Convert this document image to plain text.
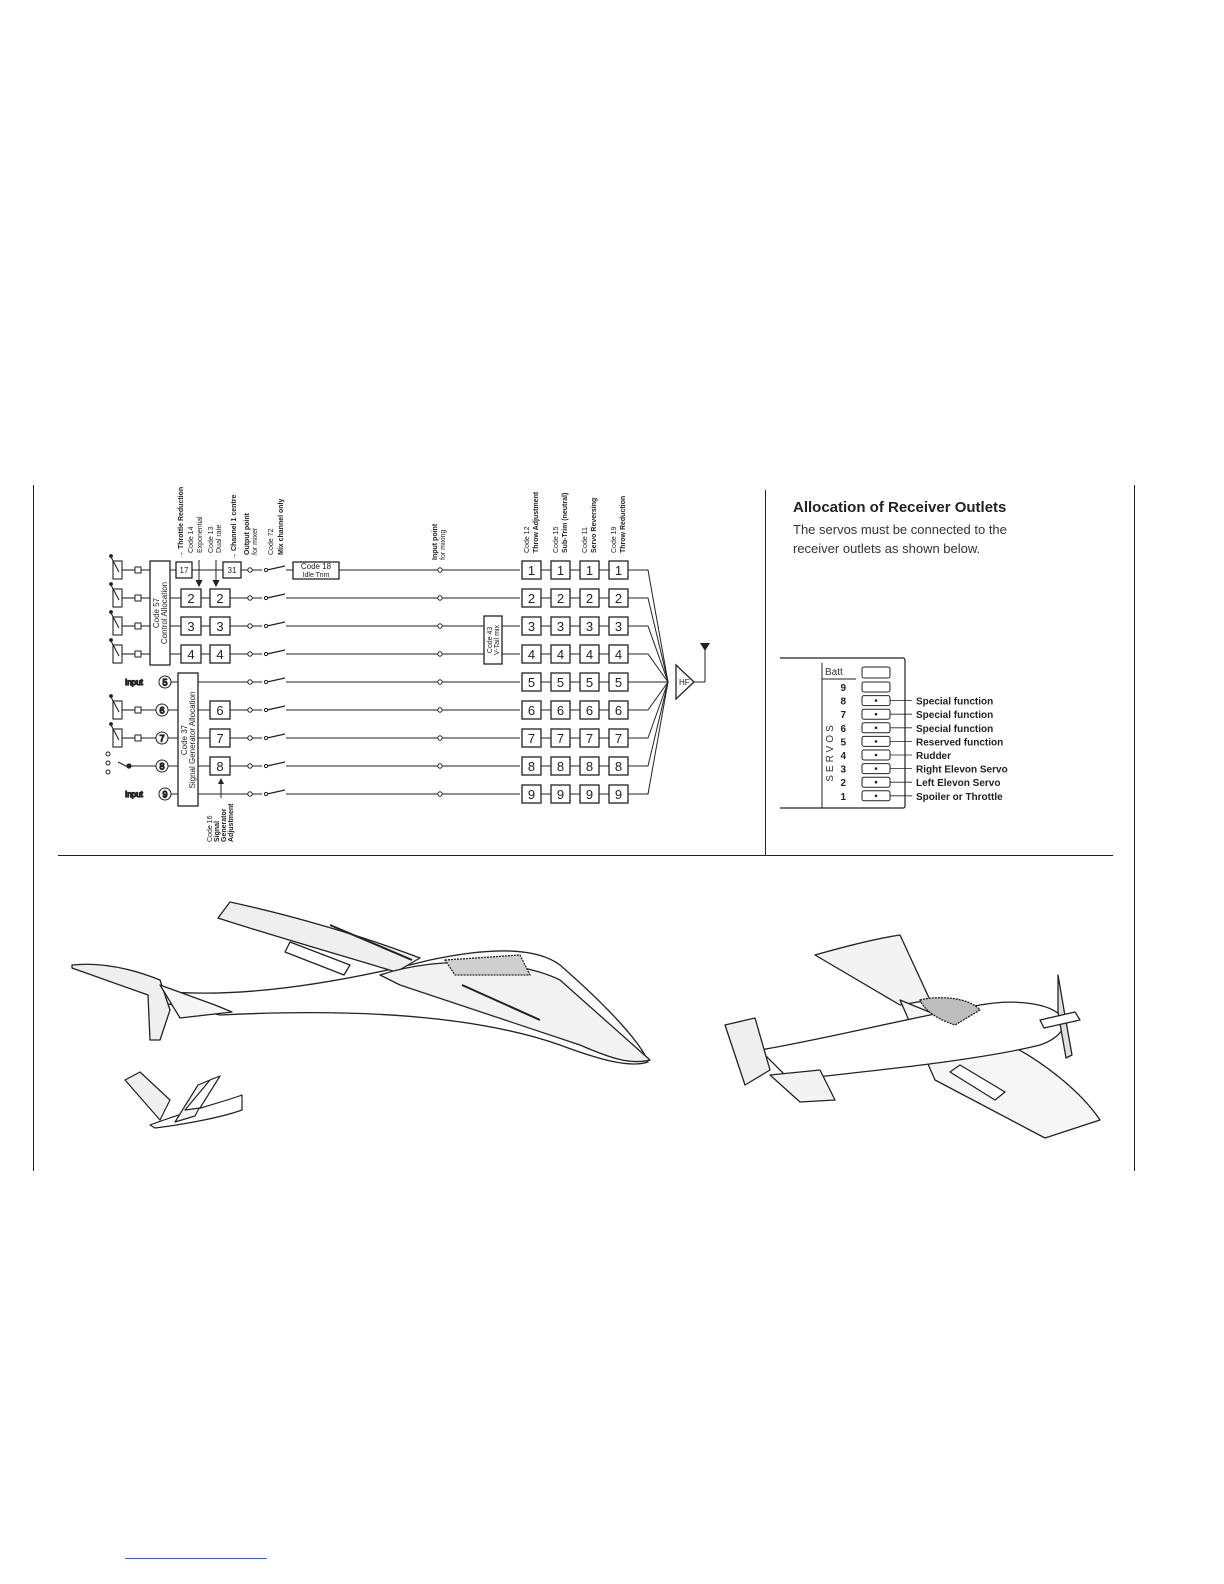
Allocation of Receiver Outlets
The servos must be connected to the receiver outlets as shown below.
→ Throttle Reduction Code 14 Exponential Code 13 Dual rate → Channel 1 centre Output point for mixer Code 72 Mix channel only	Input point for mixing	Code 12 Throw Adjustment Code 15 Sub-Trim (neutral) Code 11 Servo Reversing Code 19 Throw Reduction
5
Input
6
7
8
9
Input
Code 57 Control Allocation
Code 37 Signal Generator Allocation
Code 16 Signal Generator Adjustment
17	31	1 1 1 1
2 2	2 2 2 2
3 3	3 3 3 3
4 4	4 4 4 4
5 5 5 5
6	6 6 6 6
7	7 7 7 7
8	8 8 8 8
9 9 9 9
HF
Batt
SERVOS
9
8	Special function
7	Special function
6	Special function
5	Reserved function
4	Rudder
3	Right Elevon Servo
2	Left Elevon Servo
1	Spoiler or Throttle
Code 18
Idle Trim
Code 43 V-Tail mix
